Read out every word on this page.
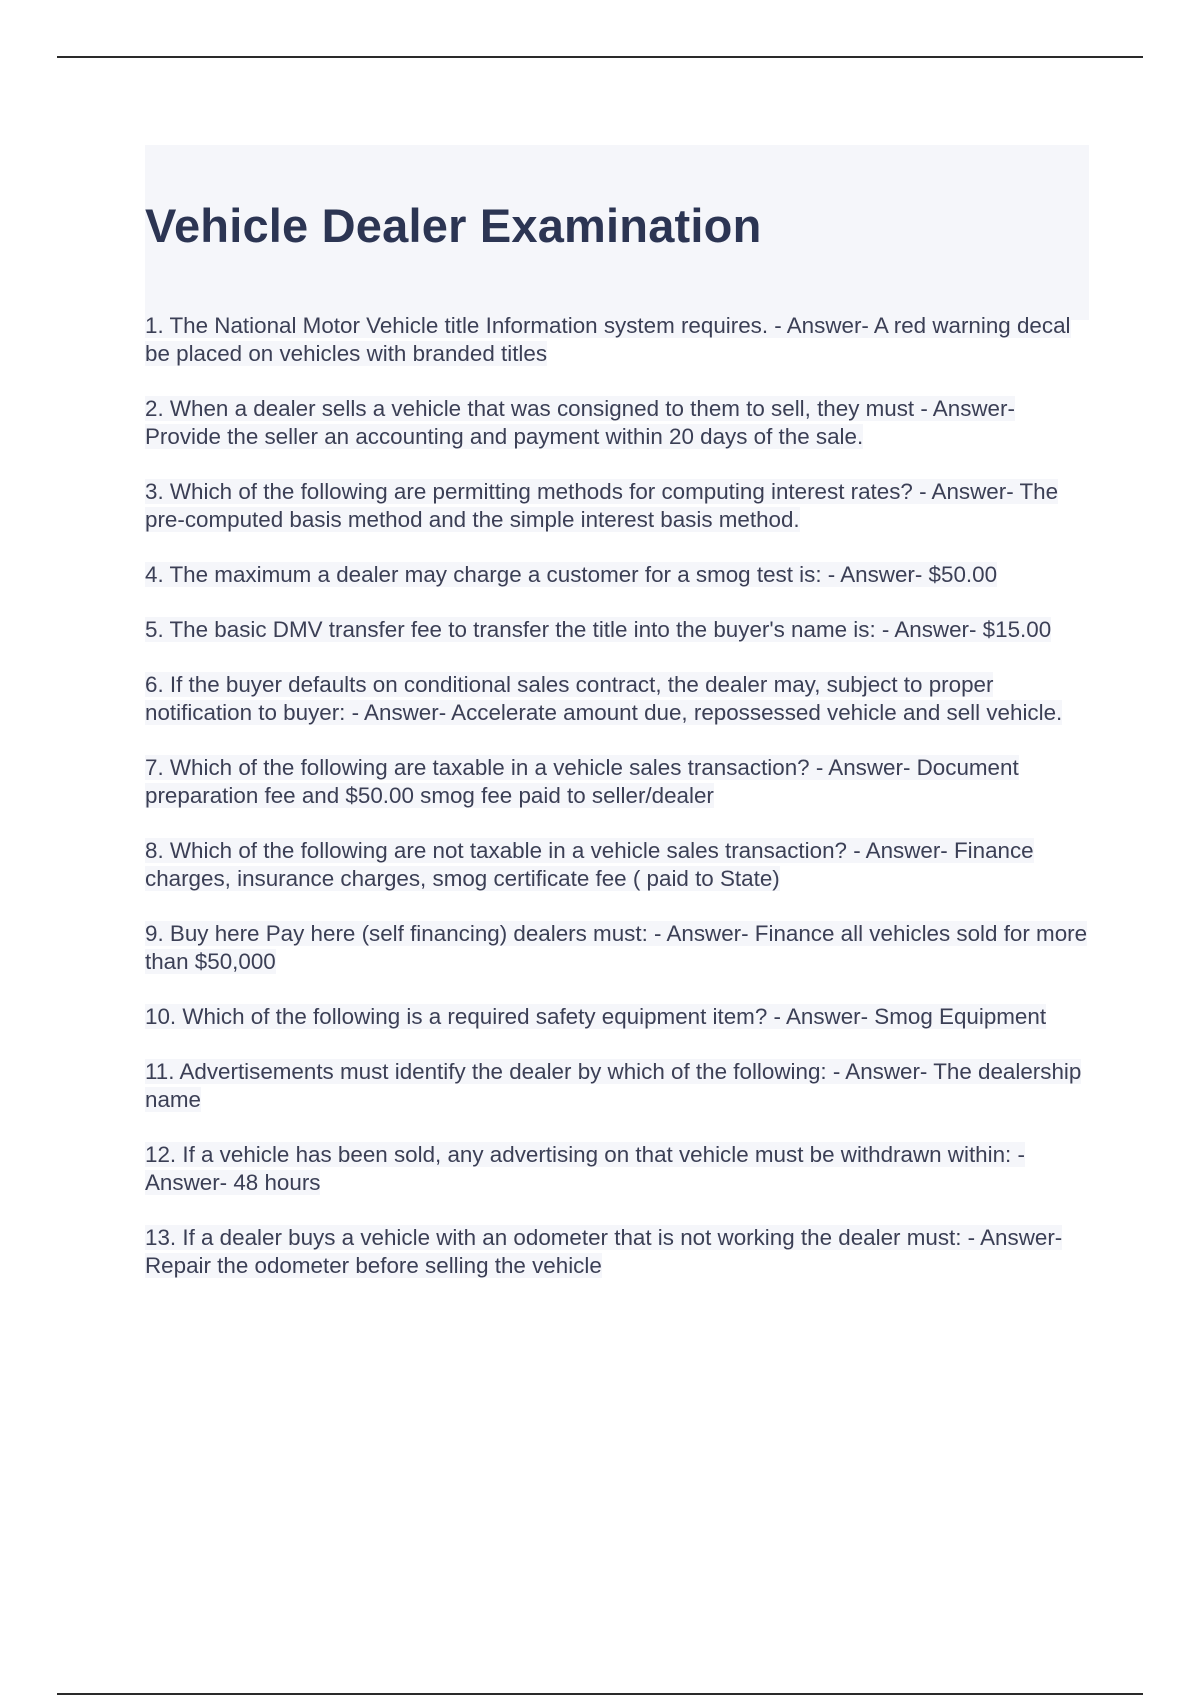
Vehicle Dealer Examination
1. The National Motor Vehicle title Information system requires. - Answer- A red warning decal be placed on vehicles with branded titles
2. When a dealer sells a vehicle that was consigned to them to sell, they must - Answer- Provide the seller an accounting and payment within 20 days of the sale.
3. Which of the following are permitting methods for computing interest rates? - Answer- The pre-computed basis method and the simple interest basis method.
4. The maximum a dealer may charge a customer for a smog test is: - Answer- $50.00
5. The basic DMV transfer fee to transfer the title into the buyer's name is: - Answer- $15.00
6. If the buyer defaults on conditional sales contract, the dealer may, subject to proper notification to buyer: - Answer- Accelerate amount due, repossessed vehicle and sell vehicle.
7. Which of the following are taxable in a vehicle sales transaction? - Answer- Document preparation fee and $50.00 smog fee paid to seller/dealer
8. Which of the following are not taxable in a vehicle sales transaction? - Answer- Finance charges, insurance charges, smog certificate fee ( paid to State)
9. Buy here Pay here (self financing) dealers must: - Answer- Finance all vehicles sold for more than $50,000
10. Which of the following is a required safety equipment item? - Answer- Smog Equipment
11. Advertisements must identify the dealer by which of the following: - Answer- The dealership name
12. If a vehicle has been sold, any advertising on that vehicle must be withdrawn within: - Answer- 48 hours
13. If a dealer buys a vehicle with an odometer that is not working the dealer must: - Answer- Repair the odometer before selling the vehicle
